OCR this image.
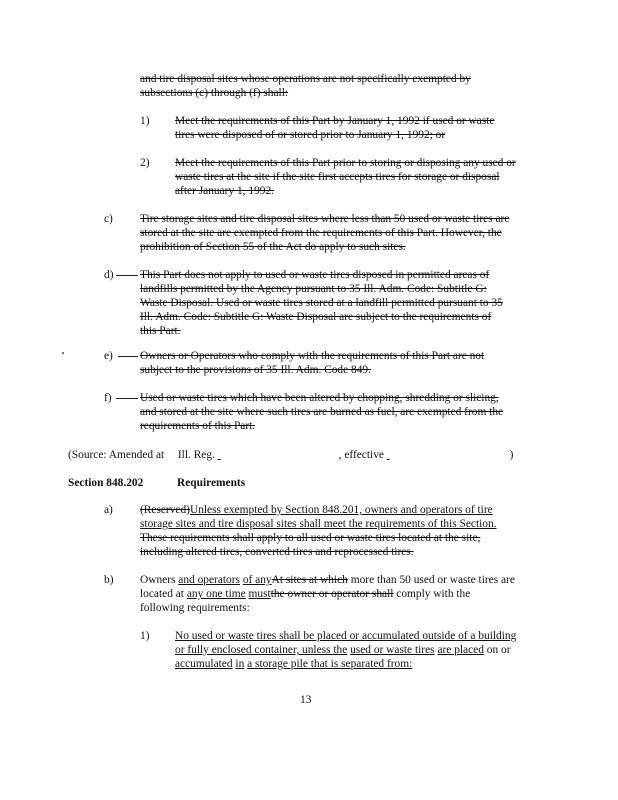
and tire disposal sites whose operations are not specifically exempted by
subsections (c) through (f) shall:
1) Meet the requirements of this Part by January 1, 1992 if used or waste
tires were disposed of or stored prior to January 1, 1992; or
2) Meet the requirements of this Part prior to storing or disposing any used or
waste tires at the site if the site first accepts tires for storage or disposal
after January 1, 1992.
c) Tire storage sites and tire disposal sites where less than 50 used or waste tires are
stored at the site are exempted from the requirements of this Part. However, the
prohibition of Section 55 of the Act do apply to such sites.
d) This Part does not apply to used or waste tires disposed in permitted areas of
landfills permitted by the Agency pursuant to 35 Ill. Adm. Code: Subtitle G:
Waste Disposal. Used or waste tires stored at a landfill permitted pursuant to 35
Ill. Adm. Code: Subtitle G: Waste Disposal are subject to the requirements of
this Part.
e) Owners or Operators who comply with the requirements of this Part are not
subject to the provisions of 35 Ill. Adm. Code 849.
f) Used or waste tires which have been altered by chopping, shredding or slicing,
and stored at the site where such tires are burned as fuel, are exempted from the
requirements of this Part.
(Source: Amended at Ill. Reg.	, effective	)
Section 848.202	Requirements
a) (Reserved)Unless exempted by Section 848.201, owners and operators of tire
storage sites and tire disposal sites shall meet the requirements of this Section.
These requirements shall apply to all used or waste tires located at the site,
including altered tires, converted tires and reprocessed tires.
b) Owners and operators of anyAt sites at which more than 50 used or waste tires are
located at any one time mustthe owner or operator shall comply with the
following requirements:
1) No used or waste tires shall be placed or accumulated outside of a building
or fully enclosed container, unless the used or waste tires are placed on or
accumulated in a storage pile that is separated from:
13
